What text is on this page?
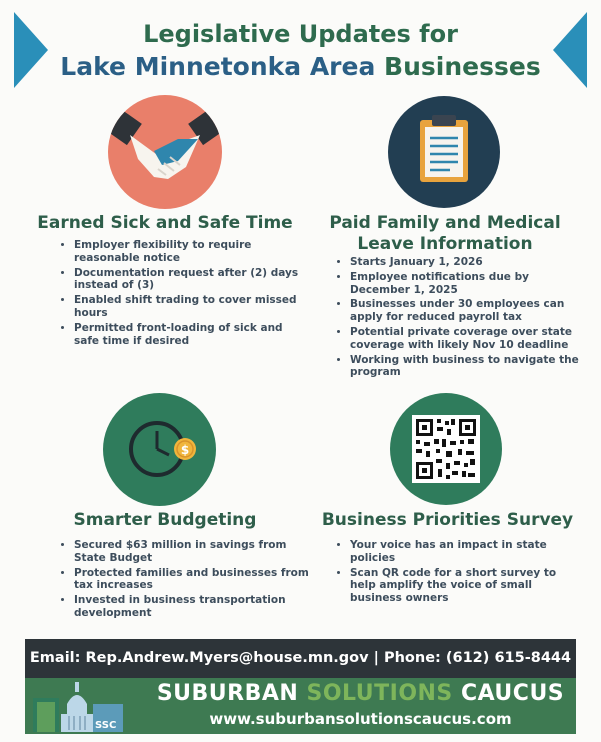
Legislative Updates for
Lake Minnetonka Area Businesses
$
Earned Sick and Safe Time
• Employer flexibility to require reasonable notice
• Documentation request after (2) days instead of (3)
• Enabled shift trading to cover missed hours
• Permitted front-loading of sick and safe time if desired
Paid Family and Medical Leave Information
• Starts January 1, 2026
• Employee notifications due by December 1, 2025
• Businesses under 30 employees can apply for reduced payroll tax
• Potential private coverage over state coverage with likely Nov 10 deadline
• Working with business to navigate the program
Smarter Budgeting
• Secured $63 million in savings from State Budget
• Protected families and businesses from tax increases
• Invested in business transportation development
Business Priorities Survey
• Your voice has an impact in state policies
• Scan QR code for a short survey to help amplify the voice of small business owners
Email: Rep.Andrew.Myers@house.mn.gov | Phone: (612) 615-8444
SSC
SUBURBAN SOLUTIONS CAUCUS
www.suburbansolutionscaucus.com
